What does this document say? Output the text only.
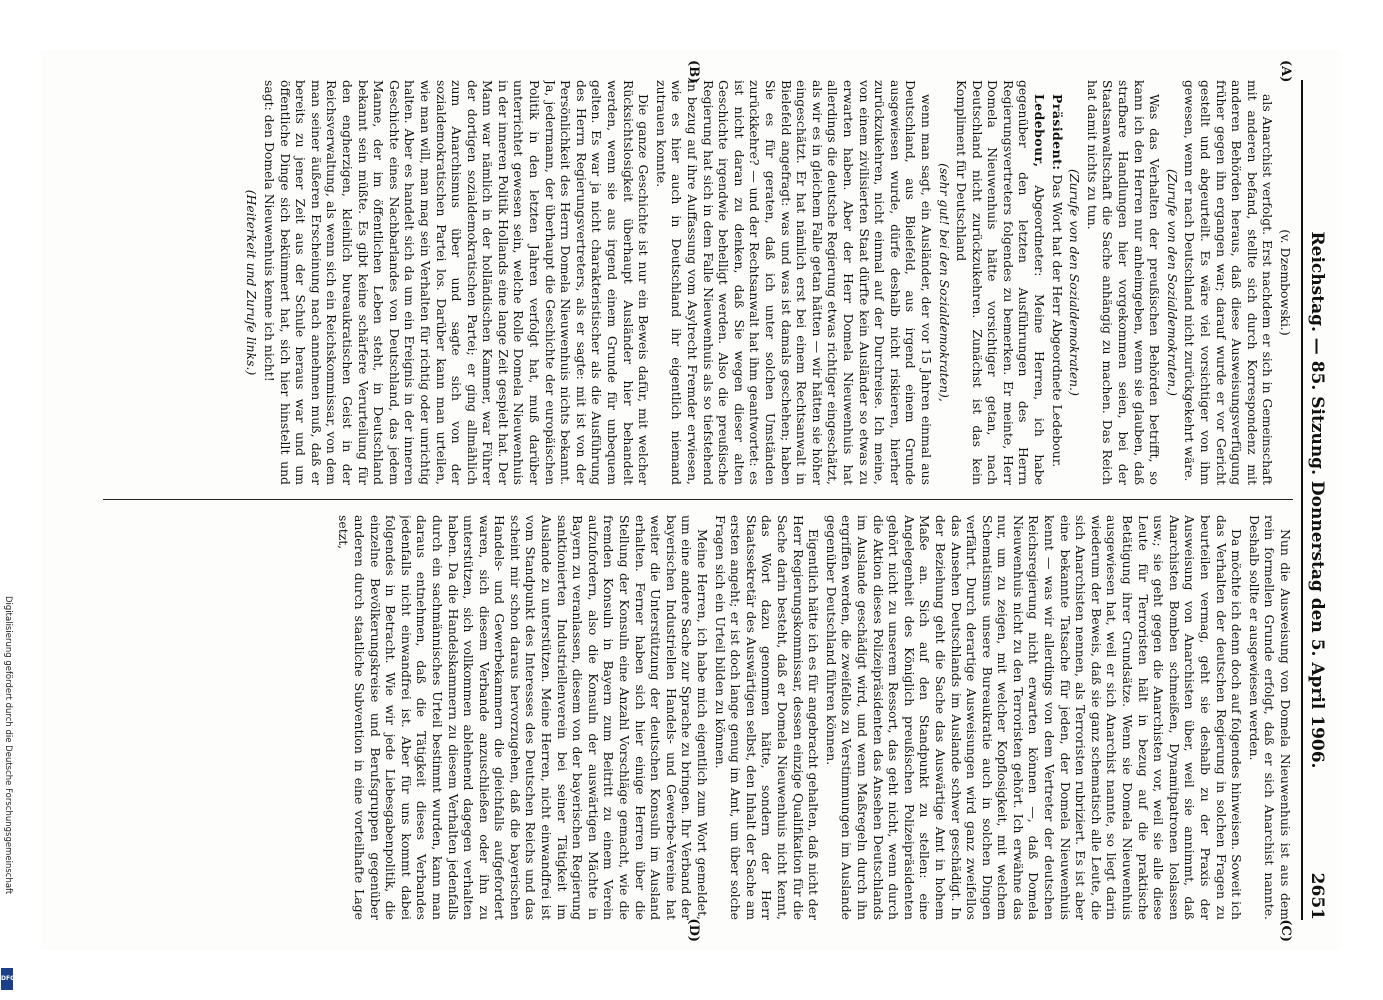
Reichstag. — 85. Sitzung. Donnerstag den 5. April 1906.
2651
(A)
(B)
(C)
(D)

(v. Dzembowski.)

als Anarchist verfolgt. Erst nachdem er sich in Gemeinschaft mit anderen befand, stellte sich durch Korrespondenz mit anderen Behörden heraus, daß diese Ausweisungsverfügung früher gegen ihn ergangen war; darauf wurde er vor Gericht gestellt und abgeurteilt. Es wäre viel vorsichtiger von ihm gewesen, wenn er nach Deutschland nicht zurückgekehrt wäre.

(Zurufe von den Sozialdemokraten.)

Was das Verhalten der preußischen Behörden betrifft, so kann ich den Herren nur anheimgeben, wenn sie glauben, daß strafbare Handlungen hier vorgekommen seien, bei der Staatsanwaltschaft die Sache anhängig zu machen. Das Reich hat damit nichts zu tun.

(Zurufe von den Sozialdemokraten.)

Präsident: Das Wort hat der Herr Abgeordnete Ledebour.

Ledebour, Abgeordneter: Meine Herren, ich habe gegenüber den letzten Ausführungen des Herrn Regierungsvertreters folgendes zu bemerken. Er meinte, Herr Domela Nieuwenhuis hätte vorsichtiger getan, nach Deutschland nicht zurückzukehren. Zunächst ist das kein Kompliment für Deutschland

(sehr gut! bei den Sozialdemokraten),

wenn man sagt, ein Ausländer, der vor 15 Jahren einmal aus Deutschland, aus Bielefeld, aus irgend einem Grunde ausgewiesen wurde, dürfe deshalb nicht riskieren, hierher zurückzukehren, nicht einmal auf der Durchreise. Ich meine, von einem zivilisierten Staat dürfte kein Ausländer so etwas zu erwarten haben. Aber der Herr Domela Nieuwenhuis hat allerdings die deutsche Regierung etwas richtiger eingeschätzt, als wir es in gleichem Falle getan hätten — wir hätten sie höher eingeschätzt. Er hat nämlich erst bei einem Rechtsanwalt in Bielefeld angefragt: was und was ist damals geschehen; haben Sie es für geraten, daß ich unter solchen Umständen zurückkehre? — und der Rechtsanwalt hat ihm geantwortet: es ist nicht daran zu denken, daß Sie wegen dieser alten Geschichte irgendwie behelligt werden. Also die preußische Regierung hat sich in dem Falle Nieuwenhuis als so tiefstehend in bezug auf ihre Auffassung vom Asylrecht Fremder erwiesen, wie es hier auch in Deutschland ihr eigentlich niemand zutrauen konnte.

Die ganze Geschichte ist nur ein Beweis dafür, mit welcher Rücksichtslosigkeit überhaupt Ausländer hier behandelt werden, wenn sie aus irgend einem Grunde für unbequem gelten. Es war ja nicht charakteristischer als die Ausführung des Herrn Regierungsvertreters, als er sagte: mit ist von der Persönlichkeit des Herrn Domela Nieuwenhuis nichts bekannt. Ja, jedermann, der überhaupt die Geschichte der europäischen Politik in den letzten Jahren verfolgt hat, muß darüber unterrichtet gewesen sein, welche Rolle Domela Nieuwenhuis in der inneren Politik Hollands eine lange Zeit gespielt hat. Der Mann war nämlich in der holländischen Kammer, war Führer der dortigen sozialdemokratischen Partei; er ging allmählich zum Anarchismus über und sagte sich von der sozialdemokratischen Partei los. Darüber kann man urteilen, wie man will, man mag sein Verhalten für richtig oder unrichtig halten. Aber es handelt sich da um ein Ereignis in der inneren Geschichte eines Nachbarlandes von Deutschland, das jedem Manne, der im öffentlichen Leben steht, in Deutschland bekannt sein müßte. Es gibt keine schärfere Verurteilung für den engherzigen, kleinlich bureaukratischen Geist in der Reichsverwaltung, als wenn sich ein Reichskommissar, von dem man seiner äußeren Erscheinung nach annehmen muß, daß er bereits zu jener Zeit aus der Schule heraus war und um öffentliche Dinge sich bekümmert hat, sich hier hinstellt und sagt: den Domela Nieuwenhuis kenne ich nicht!

(Heiterkeit und Zurufe links.)

Nun die Ausweisung von Domela Nieuwenhuis ist aus dem rein formellen Grunde erfolgt, daß er sich Anarchist nannte. Deshalb sollte er ausgewiesen werden.

Da möchte ich denn doch auf folgendes hinweisen. Soweit ich das Verhalten der deutschen Regierung in solchen Fragen zu beurteilen vermag, geht sie deshalb zu der Praxis der Ausweisung von Anarchisten über, weil sie annimmt, daß Anarchisten Bomben schmeißen, Dynamitpatronen loslassen usw.; sie geht gegen die Anarchisten vor, weil sie alle diese Leute für Terroristen hält in bezug auf die praktische Betätigung ihrer Grundsätze. Wenn sie Domela Nieuwenhuis ausgewiesen hat, weil er sich Anarchist nannte, so liegt darin wiederum der Beweis, daß sie ganz schematisch alle Leute, die sich Anarchisten nennen, als Terroristen rubriziert. Es ist aber eine bekannte Tatsache für jeden, der Domela Nieuwenhuis kennt — was wir allerdings von dem Vertreter der deutschen Reichsregierung nicht erwarten können —, daß Domela Nieuwenhuis nicht zu den Terroristen gehört. Ich erwähne das nur, um zu zeigen, mit welcher Kopflosigkeit, mit welchem Schematismus unsere Bureaukratie auch in solchen Dingen verfährt. Durch derartige Ausweisungen wird ganz zweifellos das Ansehen Deutschlands im Auslande schwer geschädigt. In der Beziehung geht die Sache das Auswärtige Amt in hohem Maße an. Sich auf den Standpunkt zu stellen: eine Angelegenheit des Königlich preußischen Polizeipräsidenten gehört nicht zu unserem Ressort, das geht nicht, wenn durch die Aktion dieses Polizeipräsidenten das Ansehen Deutschlands im Auslande geschädigt wird, und wenn Maßregeln durch ihn ergriffen werden, die zweifellos zu Verstimmungen im Auslande gegenüber Deutschland führen können.

Eigentlich hätte ich es für angebracht gehalten, daß nicht der Herr Regierungskommissar, dessen einzige Qualifikation für die Sache darin besteht, daß er Domela Nieuwenhuis nicht kennt, das Wort dazu genommen hätte, sondern der Herr Staatssekretär des Auswärtigen selbst, den Inhalt der Sache am ersten angeht; er ist doch lange genug im Amt, um über solche Fragen sich ein Urteil bilden zu können.

Meine Herren, ich habe mich eigentlich zum Wort gemeldet, um eine andere Sache zur Sprache zu bringen. Ihr Verband der bayerischen Industriellen Handels- und Gewerbe-Vereine hat weiter die Unterstützung der deutschen Konsuln im Ausland erhalten. Ferner haben sich hier einige Herren über die Stellung der Konsuln eine Anzahl Vorschläge gemacht, wie die fremden Konsuln in Bayern zum Beitritt zu einem Verein aufzufordern, also die Konsuln der auswärtigen Mächte in Bayern zu veranlassen, diesem von der bayerischen Regierung sanktionierten Industriellenverein bei seiner Tätigkeit im Auslande zu unterstützen. Meine Herren, nicht einwandfrei ist vom Standpunkt des Interesses des Deutschen Reichs und das scheint mir schon daraus hervorzugehen, daß die bayerischen Handels- und Gewerbekammern die gleichfalls aufgefordert waren, sich diesem Verbande anzuschließen oder ihn zu unterstützen, sich vollkommen ablehnend dagegen verhalten haben. Da die Handelskammern zu diesem Verhalten jedenfalls durch ein sachmännisches Urteil bestimmt wurden, kann man daraus entnehmen, daß die Tätigkeit dieses Verbandes jedenfalls nicht einwandfrei ist. Aber für uns kommt dabei folgendes in Betracht. Wie wir jede Liebesgabenpolitik, die einzelne Bevölkerungskreise und Berufsgruppen gegenüber anderen durch staatliche Subvention in eine vorteilhafte Lage setzt,

Digitalisierung gefördert durch die Deutsche Forschungsgemeinschaft
DFG
